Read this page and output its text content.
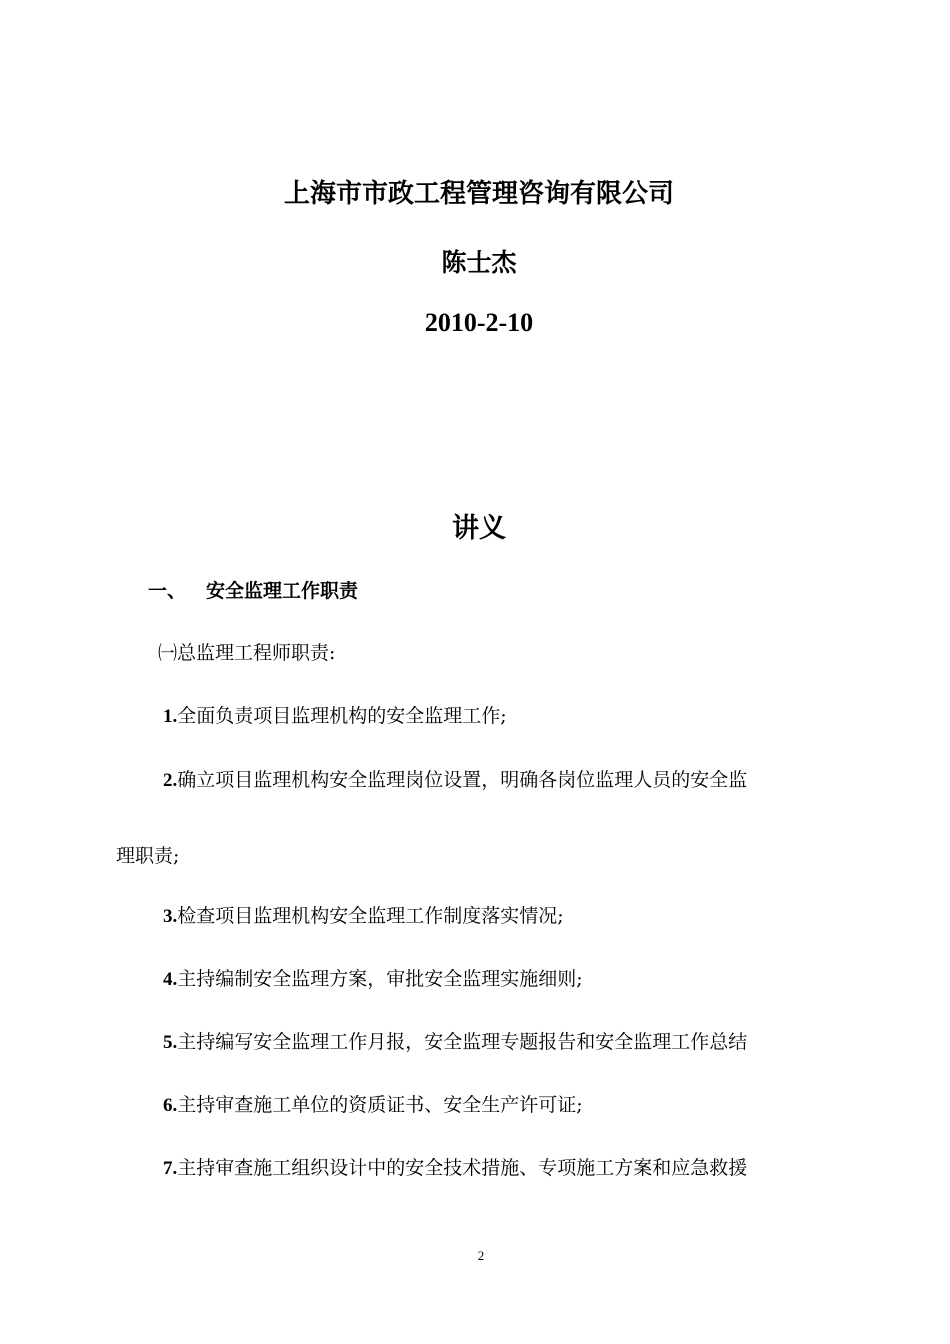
上海市市政工程管理咨询有限公司
陈士杰
2010-2-10
讲义
一、 安全监理工作职责
㈠总监理工程师职责:
1.全面负责项目监理机构的安全监理工作;
2.确立项目监理机构安全监理岗位设置，明确各岗位监理人员的安全监
理职责;
3.检查项目监理机构安全监理工作制度落实情况;
4.主持编制安全监理方案，审批安全监理实施细则;
5.主持编写安全监理工作月报，安全监理专题报告和安全监理工作总结
6.主持审查施工单位的资质证书、安全生产许可证;
7.主持审查施工组织设计中的安全技术措施、专项施工方案和应急救援
2
